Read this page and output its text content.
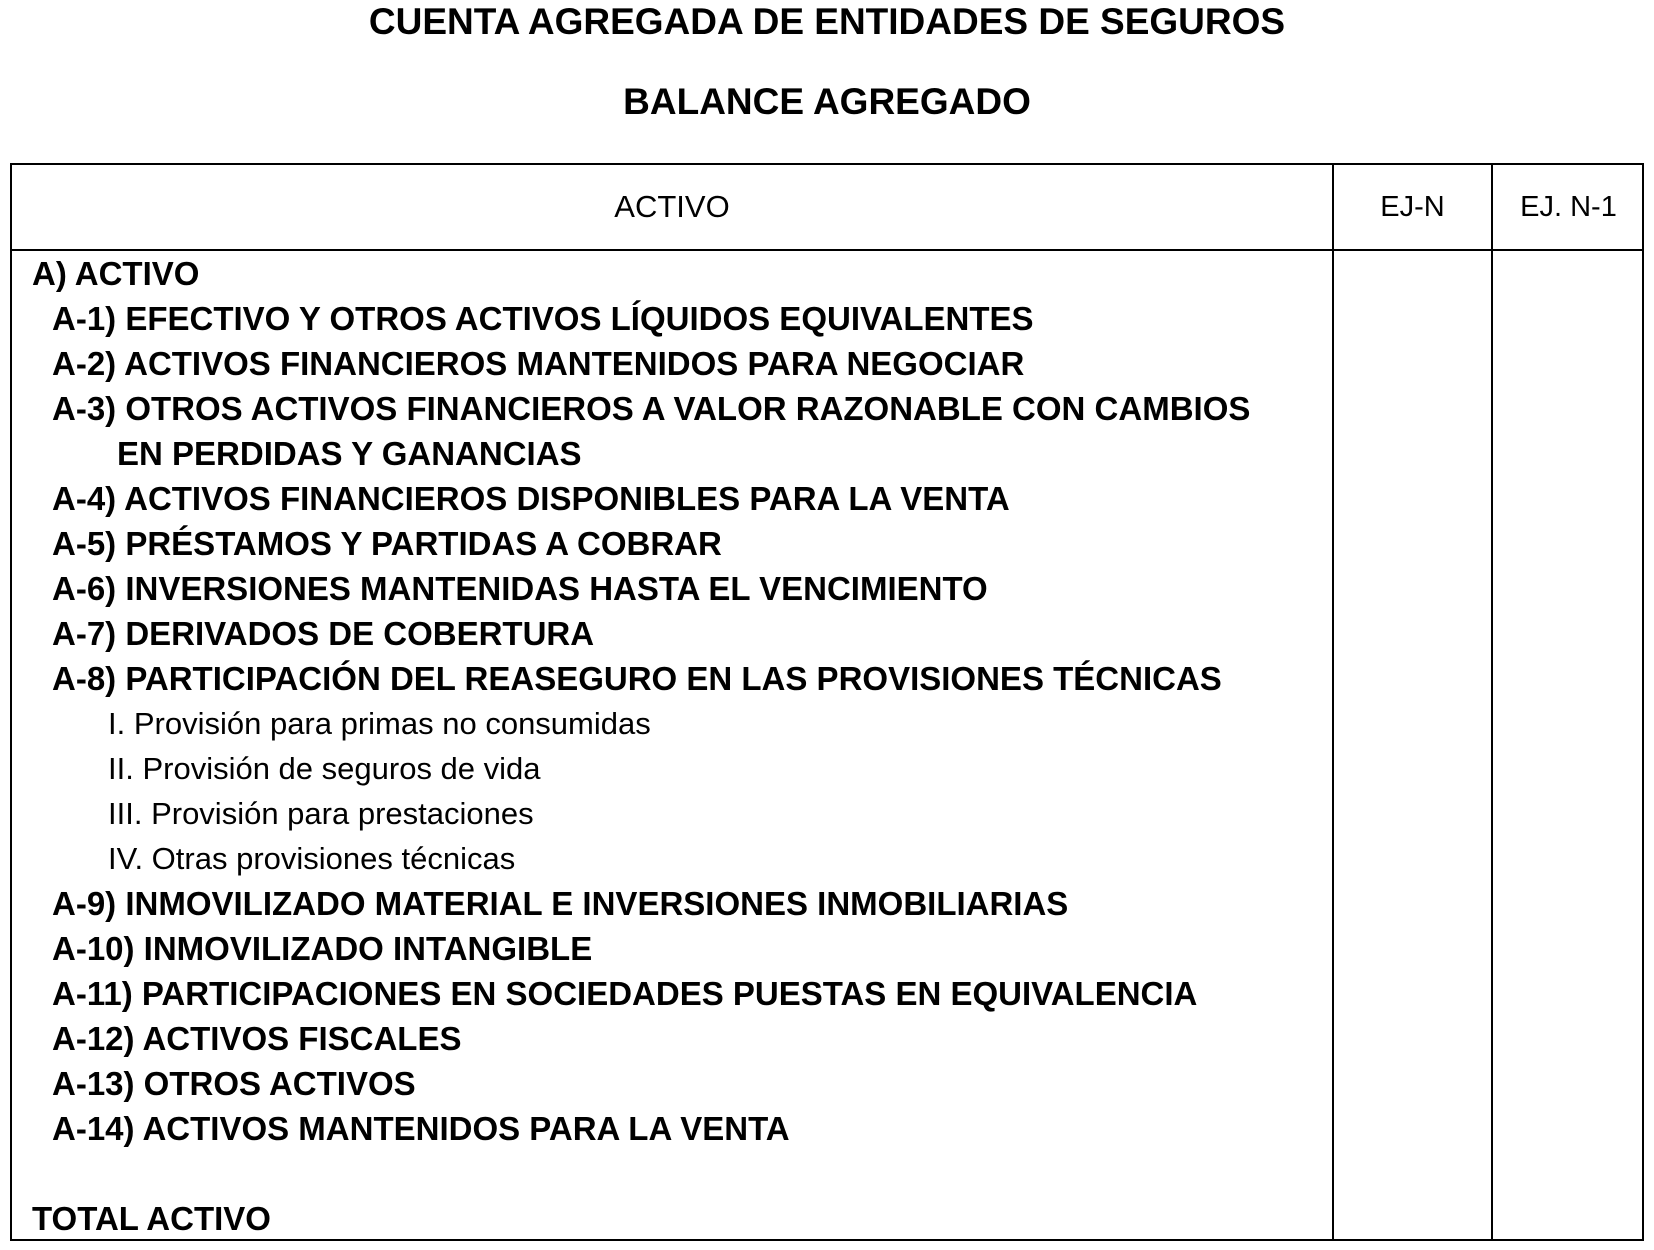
CUENTA AGREGADA DE ENTIDADES DE SEGUROS
BALANCE AGREGADO
ACTIVO	EJ-N	EJ. N-1
A) ACTIVO
A-1) EFECTIVO Y OTROS ACTIVOS LÍQUIDOS EQUIVALENTES
A-2) ACTIVOS FINANCIEROS MANTENIDOS PARA NEGOCIAR
A-3) OTROS ACTIVOS FINANCIEROS A VALOR RAZONABLE CON CAMBIOS
EN PERDIDAS Y GANANCIAS
A-4) ACTIVOS FINANCIEROS DISPONIBLES PARA LA VENTA
A-5) PRÉSTAMOS Y PARTIDAS A COBRAR
A-6) INVERSIONES MANTENIDAS HASTA EL VENCIMIENTO
A-7) DERIVADOS DE COBERTURA
A-8) PARTICIPACIÓN DEL REASEGURO EN LAS PROVISIONES TÉCNICAS
I. Provisión para primas no consumidas
II. Provisión de seguros de vida
III. Provisión para prestaciones
IV. Otras provisiones técnicas
A-9) INMOVILIZADO MATERIAL E INVERSIONES INMOBILIARIAS
A-10) INMOVILIZADO INTANGIBLE
A-11) PARTICIPACIONES EN SOCIEDADES PUESTAS EN EQUIVALENCIA
A-12) ACTIVOS FISCALES
A-13) OTROS ACTIVOS
A-14) ACTIVOS MANTENIDOS PARA LA VENTA
TOTAL ACTIVO
